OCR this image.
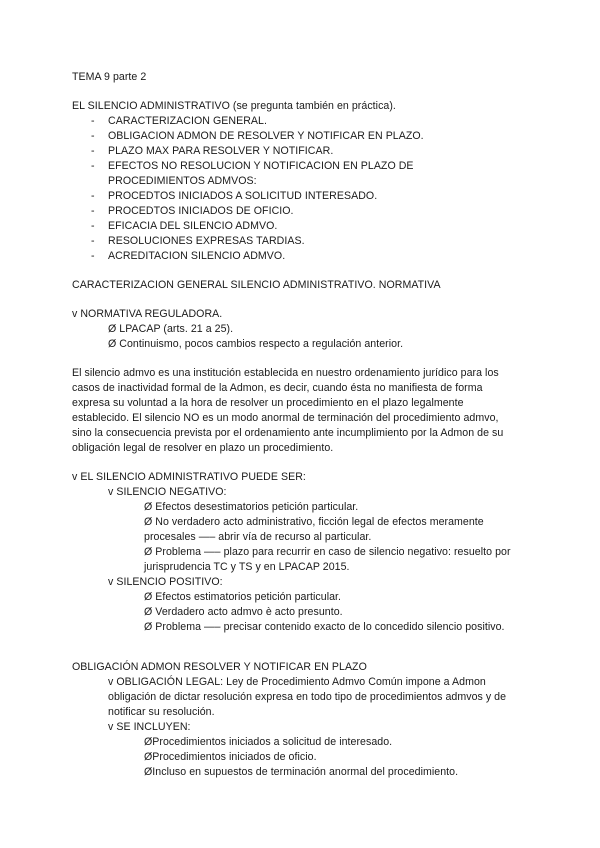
TEMA 9 parte 2
EL SILENCIO ADMINISTRATIVO (se pregunta también en práctica).
- CARACTERIZACION GENERAL.
- OBLIGACION ADMON DE RESOLVER Y NOTIFICAR EN PLAZO.
- PLAZO MAX PARA RESOLVER Y NOTIFICAR.
- EFECTOS NO RESOLUCION Y NOTIFICACION EN PLAZO DE
PROCEDIMIENTOS ADMVOS:
- PROCEDTOS INICIADOS A SOLICITUD INTERESADO.
- PROCEDTOS INICIADOS DE OFICIO.
- EFICACIA DEL SILENCIO ADMVO.
- RESOLUCIONES EXPRESAS TARDIAS.
- ACREDITACION SILENCIO ADMVO.
CARACTERIZACION GENERAL SILENCIO ADMINISTRATIVO. NORMATIVA
v NORMATIVA REGULADORA.
Ø LPACAP (arts. 21 a 25).
Ø Continuismo, pocos cambios respecto a regulación anterior.
El silencio admvo es una institución establecida en nuestro ordenamiento jurídico para los
casos de inactividad formal de la Admon, es decir, cuando ésta no manifiesta de forma
expresa su voluntad a la hora de resolver un procedimiento en el plazo legalmente
establecido. El silencio NO es un modo anormal de terminación del procedimiento admvo,
sino la consecuencia prevista por el ordenamiento ante incumplimiento por la Admon de su
obligación legal de resolver en plazo un procedimiento.
v EL SILENCIO ADMINISTRATIVO PUEDE SER:
v SILENCIO NEGATIVO:
Ø Efectos desestimatorios petición particular.
Ø No verdadero acto administrativo, ficción legal de efectos meramente
procesales —– abrir vía de recurso al particular.
Ø Problema —– plazo para recurrir en caso de silencio negativo: resuelto por
jurisprudencia TC y TS y en LPACAP 2015.
v SILENCIO POSITIVO:
Ø Efectos estimatorios petición particular.
Ø Verdadero acto admvo è acto presunto.
Ø Problema —– precisar contenido exacto de lo concedido silencio positivo.
OBLIGACIÓN ADMON RESOLVER Y NOTIFICAR EN PLAZO
v OBLIGACIÓN LEGAL: Ley de Procedimiento Admvo Común impone a Admon
obligación de dictar resolución expresa en todo tipo de procedimientos admvos y de
notificar su resolución.
v SE INCLUYEN:
ØProcedimientos iniciados a solicitud de interesado.
ØProcedimientos iniciados de oficio.
ØIncluso en supuestos de terminación anormal del procedimiento.
